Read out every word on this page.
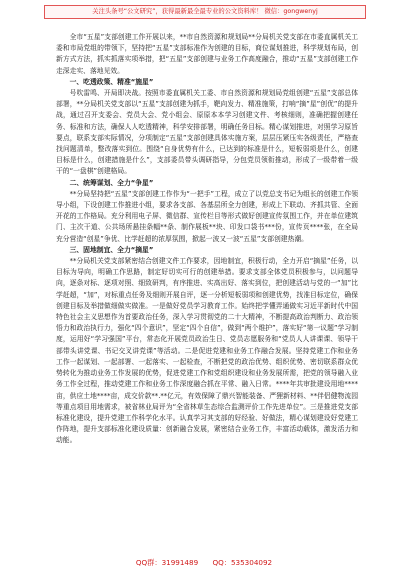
关注头条号“公文研究”，获得最新最全最专业的公文资料库！ 微信：gongwenyj

全市“五星”支部创建工作开展以来，**市自然资源和规划局**分局机关党支部在市委直属机关工委和市局党组的带领下，坚持把“五星”支部标准作为创建的目标，商位谋划推进，科学规划布局，创新方式方法，抓实抓落实项举措，把“五星”支部创建与业务工作高度融合，推动“五星”支部创建工作走深走实、落地见效。

一、吃透政策、精准“施星”

号吹雷鸣、开局即决战。按照市委直属机关工委、市自然资源和规划局党组创建“五星”支部总体部署，**分局机关党支部以“五星”支部创建为抓手，靶向发力、精准施策，打响“摘”星”创优”的提升战，通过召开支委会、党员大会、党小组会、原原本本学习创建文件、考核细则，准确把握创建任务、标准和方法，确保人人吃透精神，科学安排部署，明确任务目标。精心谋划推进，对照学习原旨要点，联系支部实际情况，分项制定“五星”支部创建具体实施方案，层层压紧压实各级责任，严格查找问题清单，整改落实到位。围绕“自身优势有什么，已达到的标准是什么，短板弱项是什么，创建目标是什么，创建措施是什么”，支部委员带头调研指导，分包党员领衔推动，形成了一级带着一级干的“一盘棋”创建格局。

二、统筹谋划、全力“争星”

**分局坚持把“五星”支部创建工作作为“一把手”工程，成立了以党总支书记为组长的创建工作领导小组，下设创建工作推进小组，要求各支部、各基层所全力创建，形成上下联动、齐抓共管、全面开花的工作格局。充分利用电子屏、微信群、宣传栏目等形式做好创建宣传氛围工作，并在单位建筑门、主次干道、公共场所悬挂条幅**条、制作展板**块、印发口袋书***份，宣传页****张，在全局充分营造“创星”争优、比学赶超的浓厚氛围，掀起一波又一波“五星”支部创建热潮。

三、固地制宜、全力“摘星”

**分局机关党支部紧密结合创建文件工作要求，因地制宜，积极行动，全力开启“摘星”任务，以目标为导向，明确工作思路，制定好切实可行的创建举措。要求支部全体党员积极参与，以问题导向，逐条对标、逐项对照、细致研判，有序推进、实高出好、落实到位，把创建活动与党的一“加”比学赶超，“加”，对标重点任务及细则开展自评，逐一分析短板弱项和创建优势，找准目标定位，确保创建目标及举措做细做实做准。一是做好党员学习教育工作。始终把学懂弄通做实习近平新时代中国特色社会主义思想作为首要政治任务，深入学习贯彻党的二十大精神，不断提高政治判断力、政治领悟力和政治执行力，强化“四个意识”，坚定“四个自信”，做到“两个维护”，落实好“第一议题”学习制度，运用好“学习强国”平台，常态化开展党员政治生日、党员志愿服务和“党员人人讲课课、领导干部带头讲党课、书记交叉讲党课”等活动。二是促进党建和业务工作融合发展。坚持党建工作和业务工作一起谋划、一起部署、一起落实、一起检查，不断把党的政治优势、组织优势、密切联系群众优势转化为推动业务工作发展的优势，促进党建工作和党组织建设和业务发展所需，把党的领导融入业务工作全过程，推动党建工作和业务工作深度融合抓在平常、融入日常。****年共审批建设用地****亩，供应土地****亩，成交价款**.**亿元，有效保障了鼎兴智能装备、严狸新材料、**伴侣健物流园等重点项目用地需求，被省林业局评为“全省林草生态综合监测评价工作先进单位”。三是推进党支部标准化建设，提升党建工作科学化水平。认真学习其支部的好经验、好做法，精心谋划建设好党建工作阵地，提升支部标准化建设质量：创新融合发展，紧密结合业务工作，丰富活动载体，激发活力和动能。

QQ群：31991489 QQ：535304092
